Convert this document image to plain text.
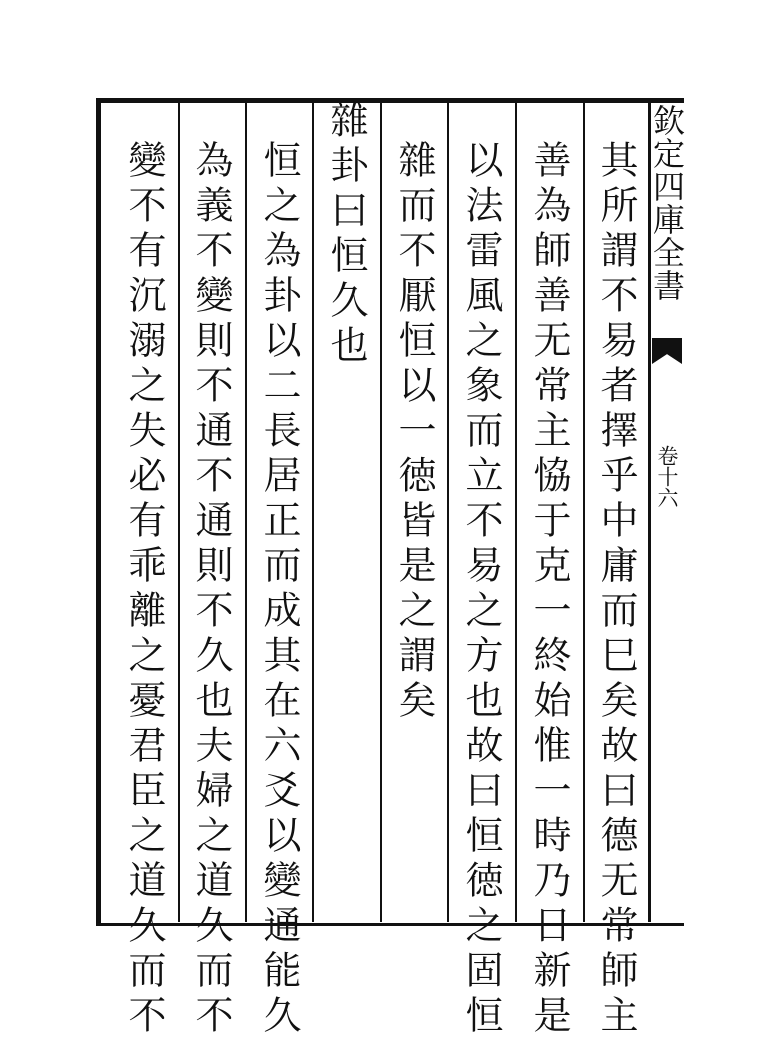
欽定四庫全書

卷十六

其所謂不易者擇乎中庸而巳矣故曰德无常師主

善為師善无常主恊于克一終始惟一時乃日新是

以法雷風之象而立不易之方也故曰恒徳之固恒

雜而不厭恒以一徳皆是之謂矣

雜卦曰恒久也

恒之為卦以二長居正而成其在六爻以變通能久

為義不變則不通不通則不久也夫婦之道久而不

變不有沉溺之失必有乖離之憂君臣之道久而不
